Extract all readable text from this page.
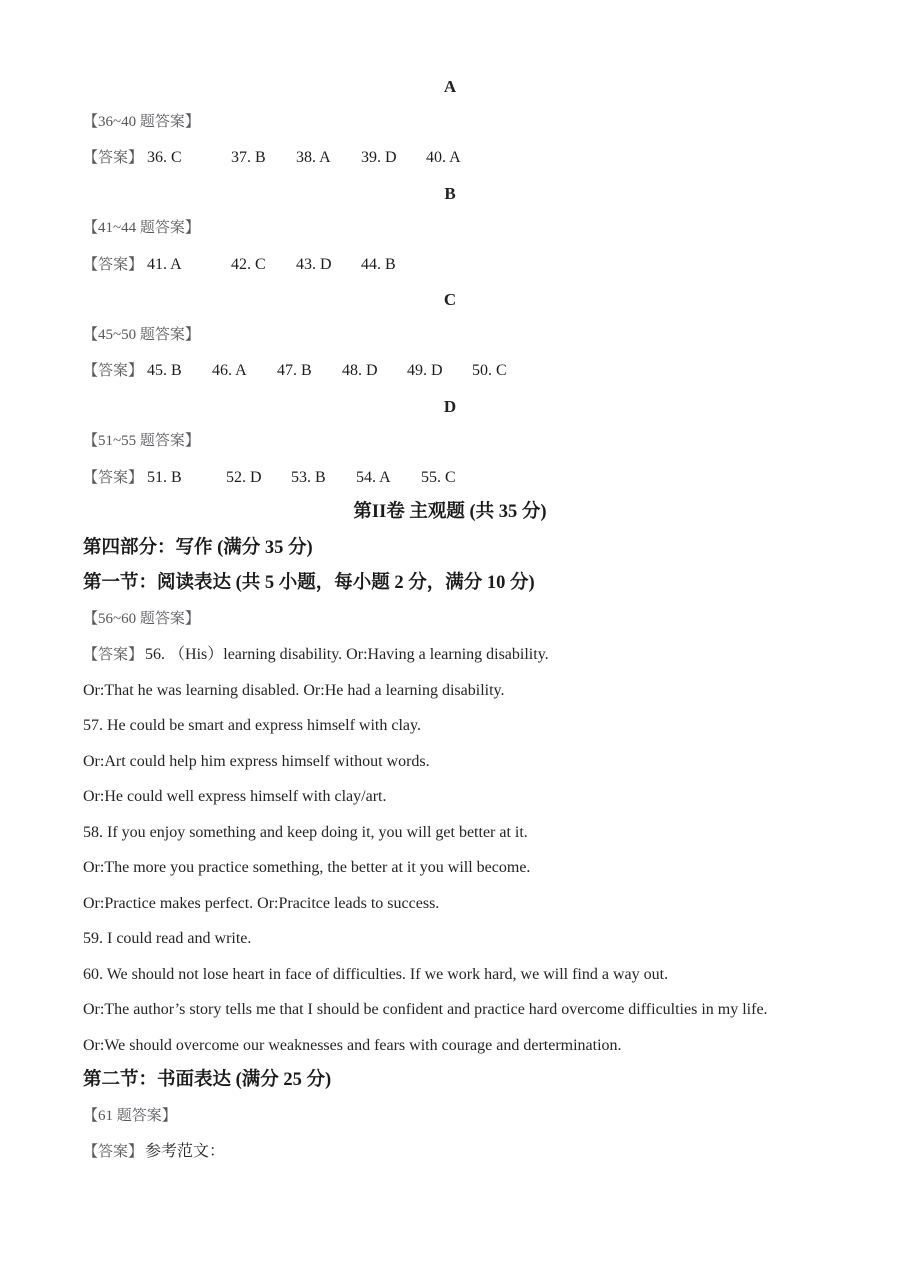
A
【36~40 题答案】
【答案】 36. C	37. B 38. A 39. D 40. A
B
【41~44 题答案】
【答案】 41. A	42. C 43. D 44. B
C
【45~50 题答案】
【答案】 45. B 46. A 47. B 48. D 49. D 50. C
D
【51~55 题答案】
【答案】 51. B	52. D 53. B 54. A 55. C
第II卷 主观题 (共 35 分)
第四部分：写作 (满分 35 分)
第一节：阅读表达 (共 5 小题，每小题 2 分，满分 10 分)
【56~60 题答案】
【答案】 56. （His）learning disability. Or:Having a learning disability.
Or:That he was learning disabled. Or:He had a learning disability.
57. He could be smart and express himself with clay.
Or:Art could help him express himself without words.
Or:He could well express himself with clay/art.
58. If you enjoy something and keep doing it, you will get better at it.
Or:The more you practice something, the better at it you will become.
Or:Practice makes perfect. Or:Pracitce leads to success.
59. I could read and write.
60. We should not lose heart in face of difficulties. If we work hard, we will find a way out.
Or:The author’s story tells me that I should be confident and practice hard overcome difficulties in my life.
Or:We should overcome our weaknesses and fears with courage and dertermination.
第二节：书面表达 (满分 25 分)
【61 题答案】
【答案】 参考范文：
